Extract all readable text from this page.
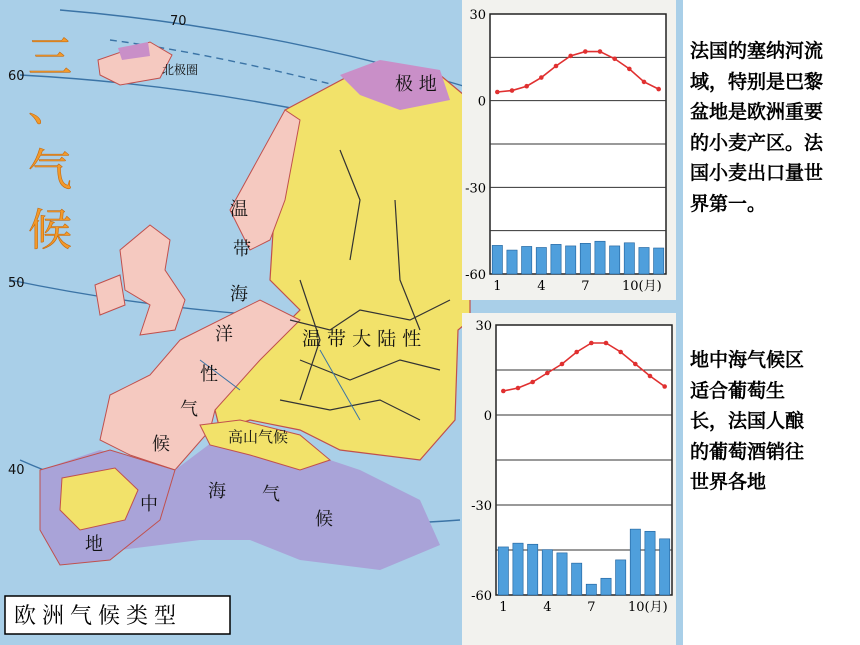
70
60
50
40
北极圈
极 地
高山气候
温
带
海
洋
性
气
候
中
地
海 气
候
温 带 大 陆 性
三
、
气
候
欧洲气候类型
30
0
-30
-60
1	4	7	10(月)
30
0
-30
-60
1	4	7	10(月)
法国的塞纳河流域，特别是巴黎盆地是欧洲重要的小麦产区。法国小麦出口量世界第一。
地中海气候区适合葡萄生长，法国人酿的葡萄酒销往世界各地
